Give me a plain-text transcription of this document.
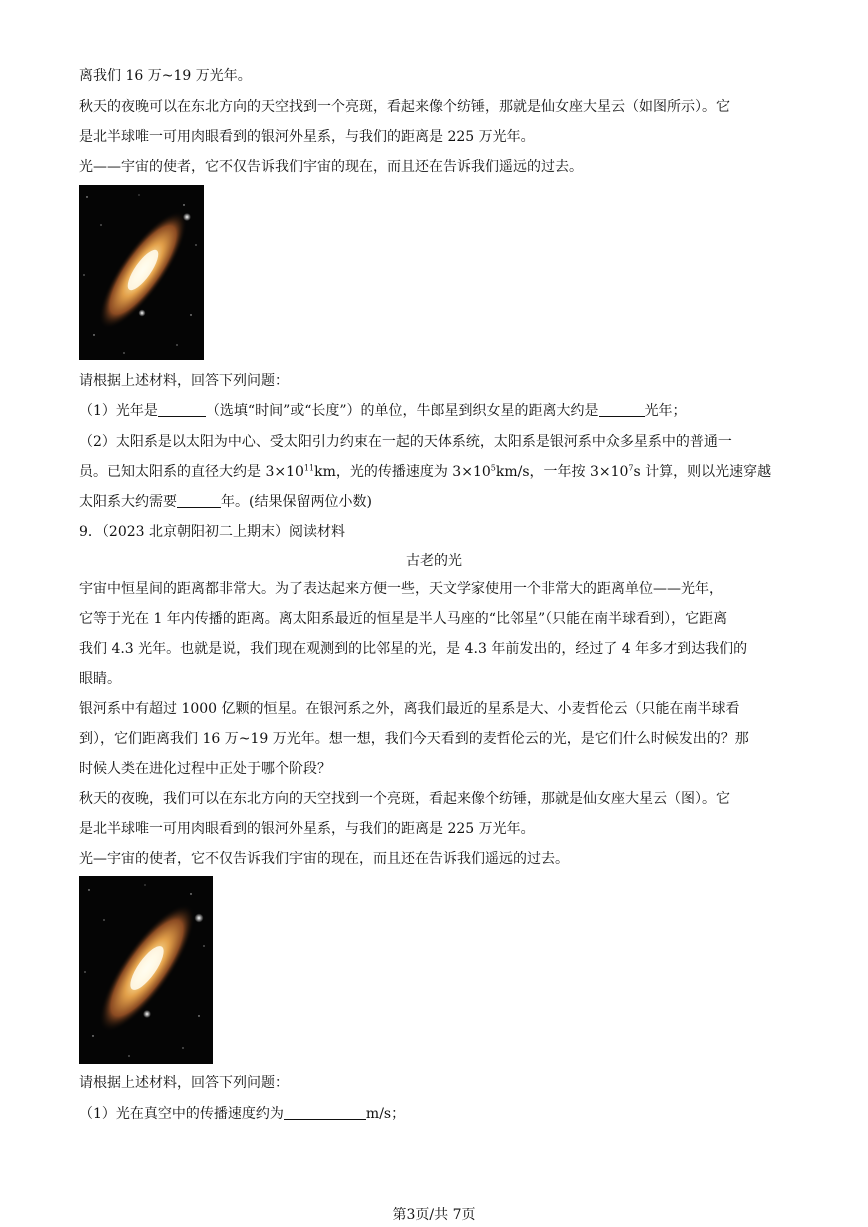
离我们 16 万~19 万光年。
秋天的夜晚可以在东北方向的天空找到一个亮斑，看起来像个纺锤，那就是仙女座大星云（如图所示）。它
是北半球唯一可用肉眼看到的银河外星系，与我们的距离是 225 万光年。
光——宇宙的使者，它不仅告诉我们宇宙的现在，而且还在告诉我们遥远的过去。
请根据上述材料，回答下列问题：
（1）光年是	（选填“时间”或“长度”）的单位，牛郎星到织女星的距离大约是	光年；
（2）太阳系是以太阳为中心、受太阳引力约束在一起的天体系统，太阳系是银河系中众多星系中的普通一
员。已知太阳系的直径大约是 $3\times 10^{11}km$，光的传播速度为 $3\times 10^5km/s$，一年按 $3\times 10^7s$ 计算，则以光速穿越
太阳系大约需要	年。(结果保留两位小数)
9．（2023 北京朝阳初二上期末）阅读材料
古老的光
宇宙中恒星间的距离都非常大。为了表达起来方便一些，天文学家使用一个非常大的距离单位——光年，
它等于光在 1 年内传播的距离。离太阳系最近的恒星是半人马座的“比邻星”（只能在南半球看到），它距离
我们 4.3 光年。也就是说，我们现在观测到的比邻星的光，是 4.3 年前发出的，经过了 4 年多才到达我们的
眼睛。
银河系中有超过 1000 亿颗的恒星。在银河系之外，离我们最近的星系是大、小麦哲伦云（只能在南半球看
到），它们距离我们 16 万~19 万光年。想一想，我们今天看到的麦哲伦云的光，是它们什么时候发出的？那
时候人类在进化过程中正处于哪个阶段？
秋天的夜晚，我们可以在东北方向的天空找到一个亮斑，看起来像个纺锤，那就是仙女座大星云（图）。它
是北半球唯一可用肉眼看到的银河外星系，与我们的距离是 225 万光年。
光—宇宙的使者，它不仅告诉我们宇宙的现在，而且还在告诉我们遥远的过去。
请根据上述材料，回答下列问题：
（1）光在真空中的传播速度约为	m/s；
第3页/共 7页
